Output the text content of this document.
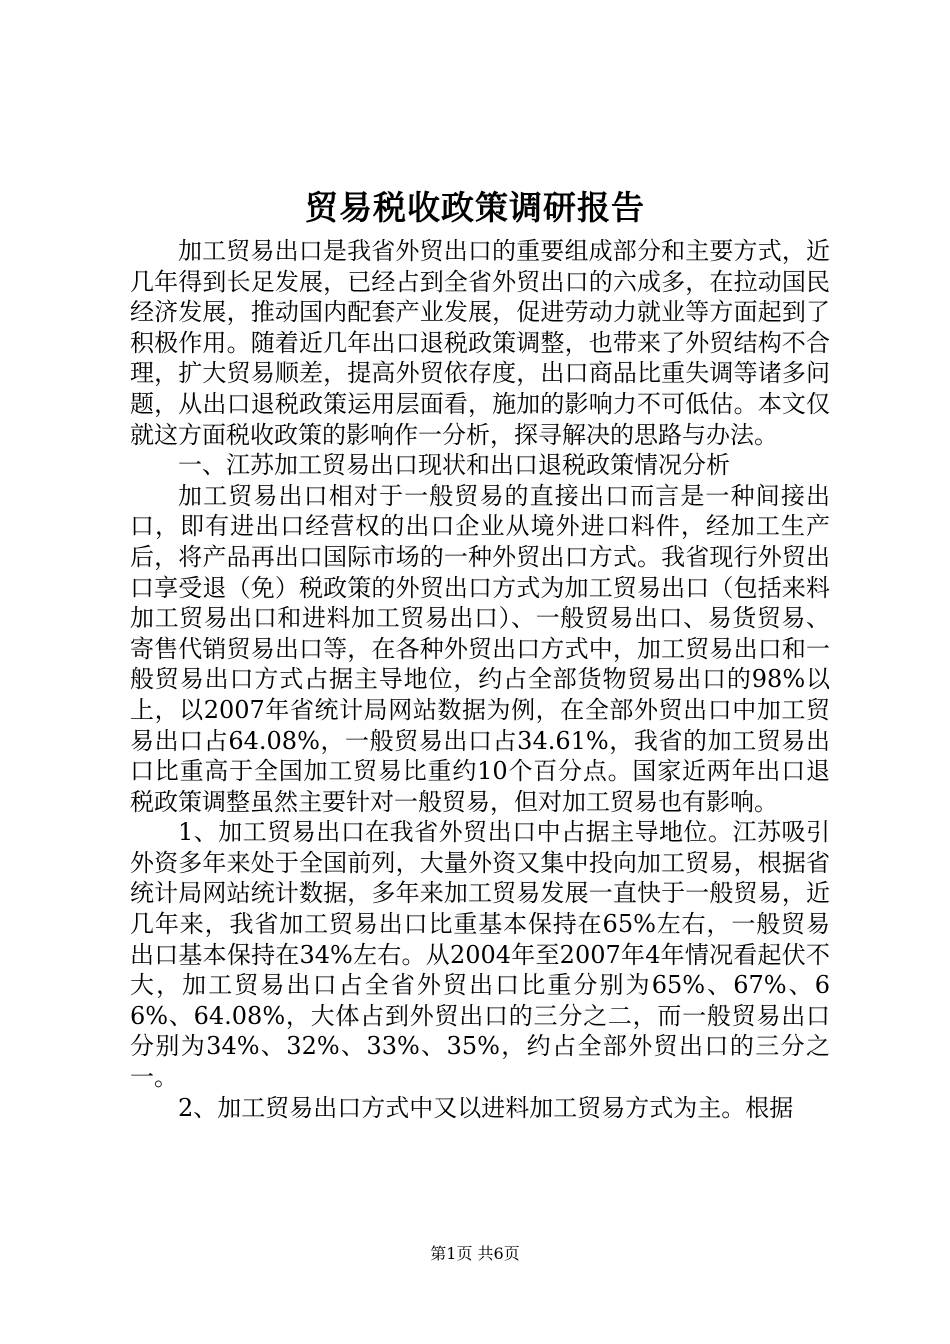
贸易税收政策调研报告

加工贸易出口是我省外贸出口的重要组成部分和主要方式，近几年得到长足发展，已经占到全省外贸出口的六成多，在拉动国民经济发展，推动国内配套产业发展，促进劳动力就业等方面起到了积极作用。随着近几年出口退税政策调整，也带来了外贸结构不合理，扩大贸易顺差，提高外贸依存度，出口商品比重失调等诸多问题，从出口退税政策运用层面看，施加的影响力不可低估。本文仅就这方面税收政策的影响作一分析，探寻解决的思路与办法。

一、江苏加工贸易出口现状和出口退税政策情况分析

加工贸易出口相对于一般贸易的直接出口而言是一种间接出口，即有进出口经营权的出口企业从境外进口料件，经加工生产后，将产品再出口国际市场的一种外贸出口方式。我省现行外贸出口享受退（免）税政策的外贸出口方式为加工贸易出口（包括来料加工贸易出口和进料加工贸易出口）、一般贸易出口、易货贸易、寄售代销贸易出口等，在各种外贸出口方式中，加工贸易出口和一般贸易出口方式占据主导地位，约占全部货物贸易出口的98%以上，以2007年省统计局网站数据为例，在全部外贸出口中加工贸易出口占64.08%，一般贸易出口占34.61%，我省的加工贸易出口比重高于全国加工贸易比重约10个百分点。国家近两年出口退税政策调整虽然主要针对一般贸易，但对加工贸易也有影响。

1、加工贸易出口在我省外贸出口中占据主导地位。江苏吸引外资多年来处于全国前列，大量外资又集中投向加工贸易，根据省统计局网站统计数据，多年来加工贸易发展一直快于一般贸易，近几年来，我省加工贸易出口比重基本保持在65%左右，一般贸易出口基本保持在34%左右。从2004年至2007年4年情况看起伏不大，加工贸易出口占全省外贸出口比重分别为65%、67%、66%、64.08%，大体占到外贸出口的三分之二，而一般贸易出口分别为34%、32%、33%、35%，约占全部外贸出口的三分之一。

2、加工贸易出口方式中又以进料加工贸易方式为主。根据

第1页 共6页
